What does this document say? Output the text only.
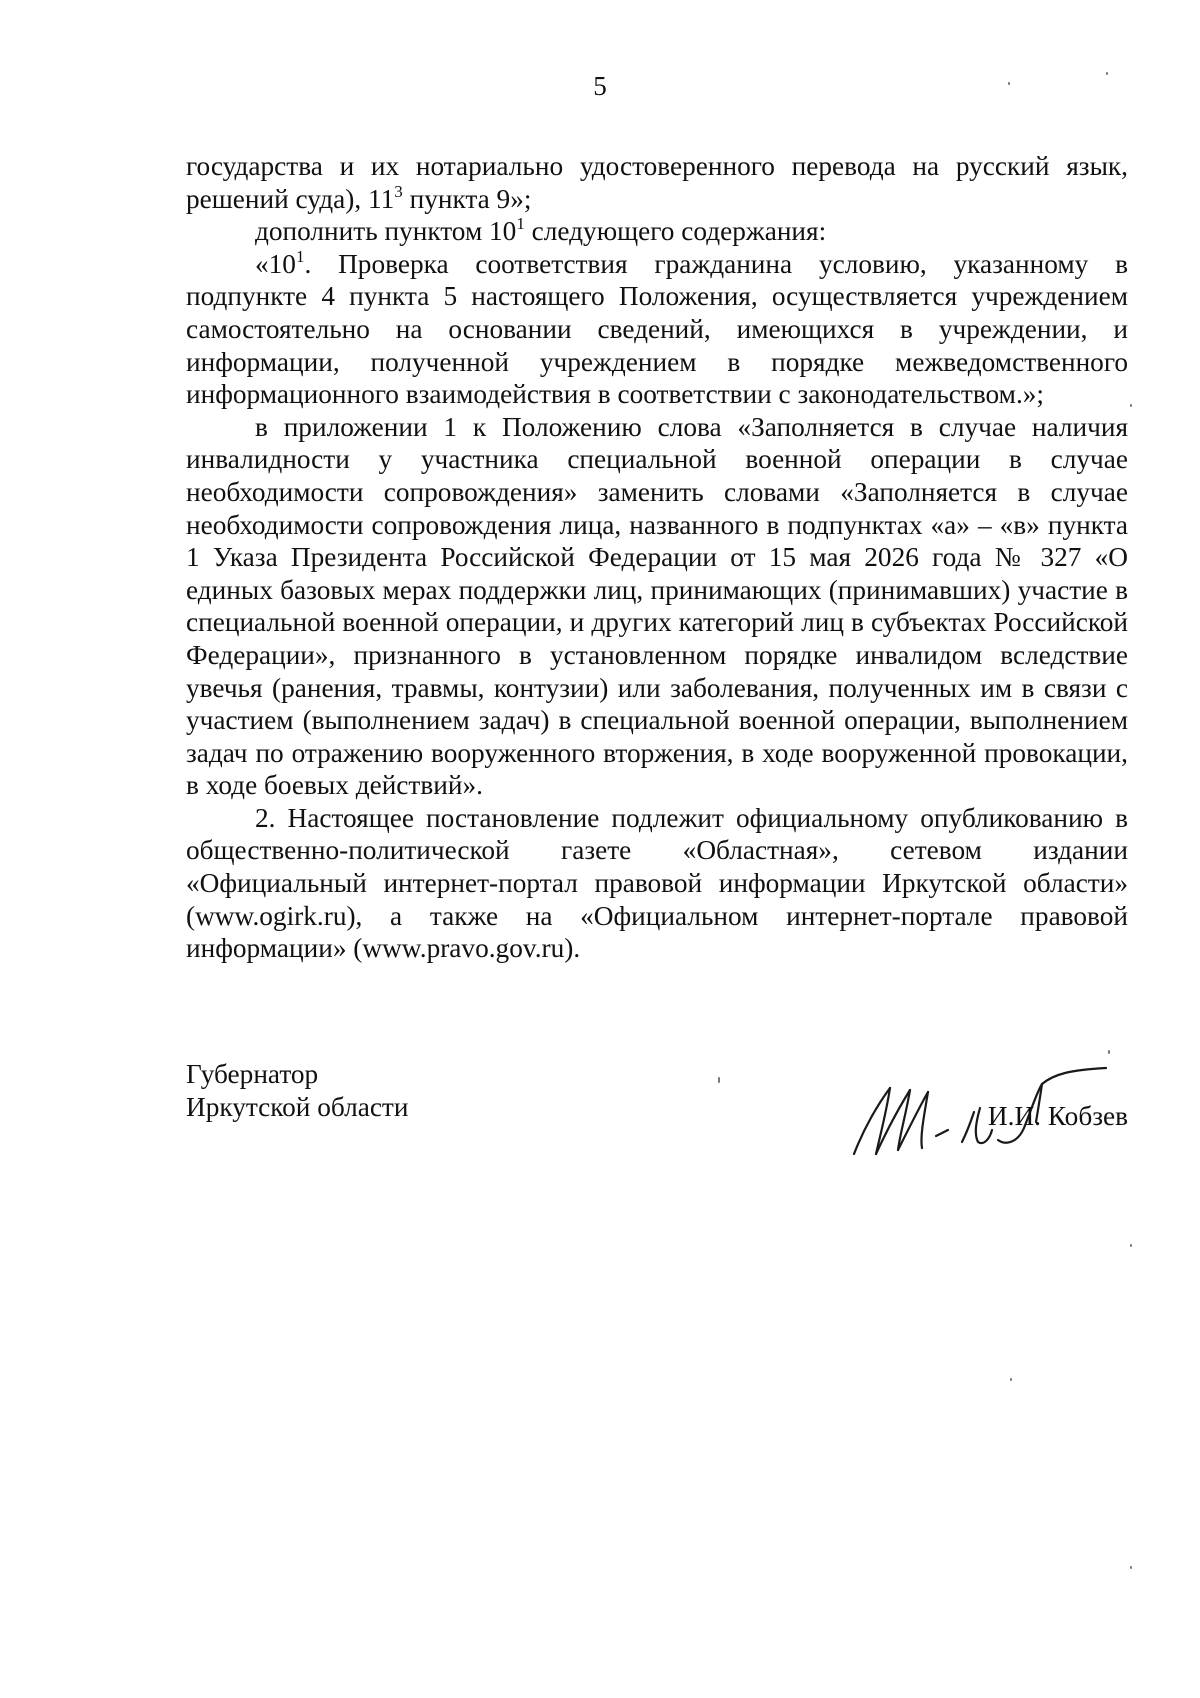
5

государства и их нотариально удостоверенного перевода на русский язык, решений суда), $11^3$ пункта 9»;

дополнить пунктом $10^1$ следующего содержания:

«$10^1$. Проверка соответствия гражданина условию, указанному в подпункте 4 пункта 5 настоящего Положения, осуществляется учреждением самостоятельно на основании сведений, имеющихся в учреждении, и информации, полученной учреждением в порядке межведомственного информационного взаимодействия в соответствии с законодательством.»;

в приложении 1 к Положению слова «Заполняется в случае наличия инвалидности у участника специальной военной операции в случае необходимости сопровождения» заменить словами «Заполняется в случае необходимости сопровождения лица, названного в подпунктах «а» – «в» пункта 1 Указа Президента Российской Федерации от 15 мая 2026 года № 327 «О единых базовых мерах поддержки лиц, принимающих (принимавших) участие в специальной военной операции, и других категорий лиц в субъектах Российской Федерации», признанного в установленном порядке инвалидом вследствие увечья (ранения, травмы, контузии) или заболевания, полученных им в связи с участием (выполнением задач) в специальной военной операции, выполнением задач по отражению вооруженного вторжения, в ходе вооруженной провокации, в ходе боевых действий».

2. Настоящее постановление подлежит официальному опубликованию в общественно-политической газете «Областная», сетевом издании «Официальный интернет-портал правовой информации Иркутской области» (www.ogirk.ru), а также на «Официальном интернет-портале правовой информации» (www.pravo.gov.ru).

Губернатор
Иркутской области	И.И. Кобзев
